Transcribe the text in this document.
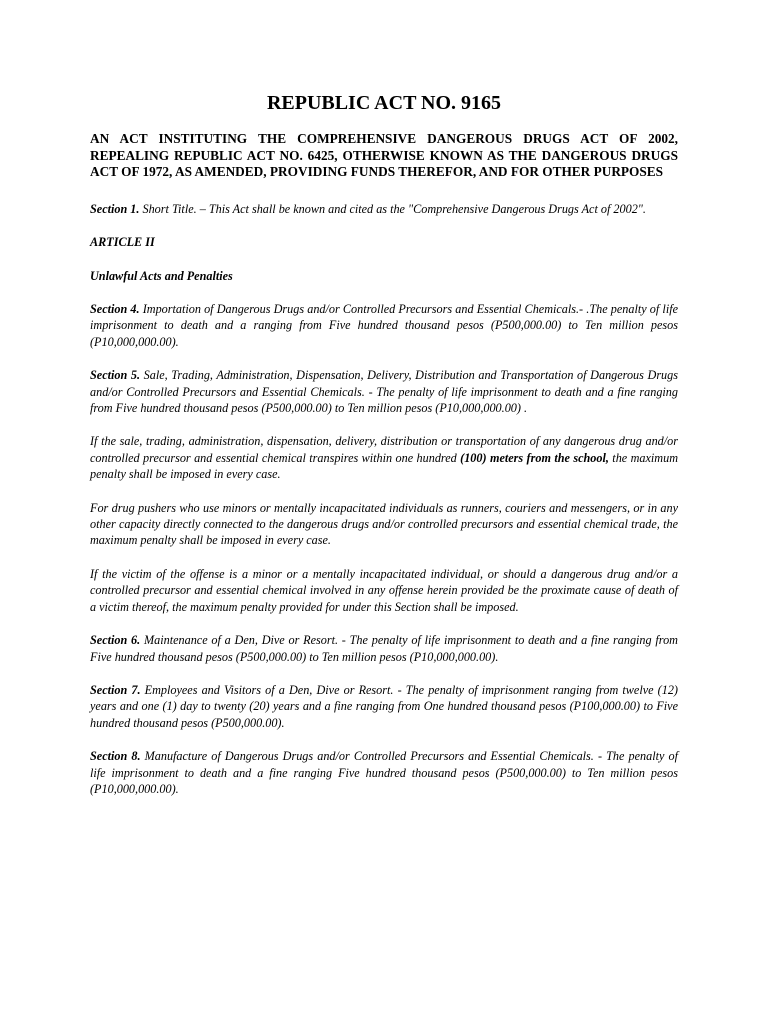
REPUBLIC ACT NO. 9165

AN ACT INSTITUTING THE COMPREHENSIVE DANGEROUS DRUGS ACT OF 2002, REPEALING REPUBLIC ACT NO. 6425, OTHERWISE KNOWN AS THE DANGEROUS DRUGS ACT OF 1972, AS AMENDED, PROVIDING FUNDS THEREFOR, AND FOR OTHER PURPOSES

Section 1. Short Title. – This Act shall be known and cited as the "Comprehensive Dangerous Drugs Act of 2002".

ARTICLE II

Unlawful Acts and Penalties

Section 4. Importation of Dangerous Drugs and/or Controlled Precursors and Essential Chemicals.- .The penalty of life imprisonment to death and a ranging from Five hundred thousand pesos (P500,000.00) to Ten million pesos (P10,000,000.00).

Section 5. Sale, Trading, Administration, Dispensation, Delivery, Distribution and Transportation of Dangerous Drugs and/or Controlled Precursors and Essential Chemicals. - The penalty of life imprisonment to death and a fine ranging from Five hundred thousand pesos (P500,000.00) to Ten million pesos (P10,000,000.00) .

If the sale, trading, administration, dispensation, delivery, distribution or transportation of any dangerous drug and/or controlled precursor and essential chemical transpires within one hundred (100) meters from the school, the maximum penalty shall be imposed in every case.

For drug pushers who use minors or mentally incapacitated individuals as runners, couriers and messengers, or in any other capacity directly connected to the dangerous drugs and/or controlled precursors and essential chemical trade, the maximum penalty shall be imposed in every case.

If the victim of the offense is a minor or a mentally incapacitated individual, or should a dangerous drug and/or a controlled precursor and essential chemical involved in any offense herein provided be the proximate cause of death of a victim thereof, the maximum penalty provided for under this Section shall be imposed.

Section 6. Maintenance of a Den, Dive or Resort. - The penalty of life imprisonment to death and a fine ranging from Five hundred thousand pesos (P500,000.00) to Ten million pesos (P10,000,000.00).

Section 7. Employees and Visitors of a Den, Dive or Resort. - The penalty of imprisonment ranging from twelve (12) years and one (1) day to twenty (20) years and a fine ranging from One hundred thousand pesos (P100,000.00) to Five hundred thousand pesos (P500,000.00).

Section 8. Manufacture of Dangerous Drugs and/or Controlled Precursors and Essential Chemicals. - The penalty of life imprisonment to death and a fine ranging Five hundred thousand pesos (P500,000.00) to Ten million pesos (P10,000,000.00).
